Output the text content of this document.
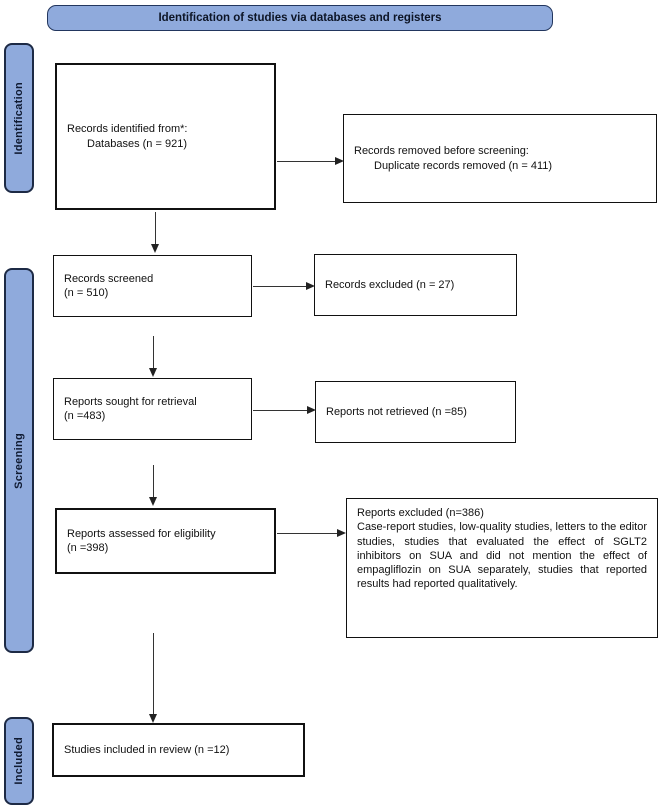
Identification of studies via databases and registers
Identification
Screening
Included
Records identified from*:
Databases (n = 921)
Records removed before screening:
Duplicate records removed (n = 411)
Records screened
(n = 510)
Records excluded (n = 27)
Reports sought for retrieval
(n =483)	Reports not retrieved (n =85)
Reports assessed for eligibility
(n =398)
Reports excluded (n=386)
Case-report studies, low-quality studies, letters to the editor studies, studies that evaluated the effect of SGLT2 inhibitors on SUA and did not mention the effect of empagliflozin on SUA separately, studies that reported results had reported qualitatively.
Studies included in review (n =12)
